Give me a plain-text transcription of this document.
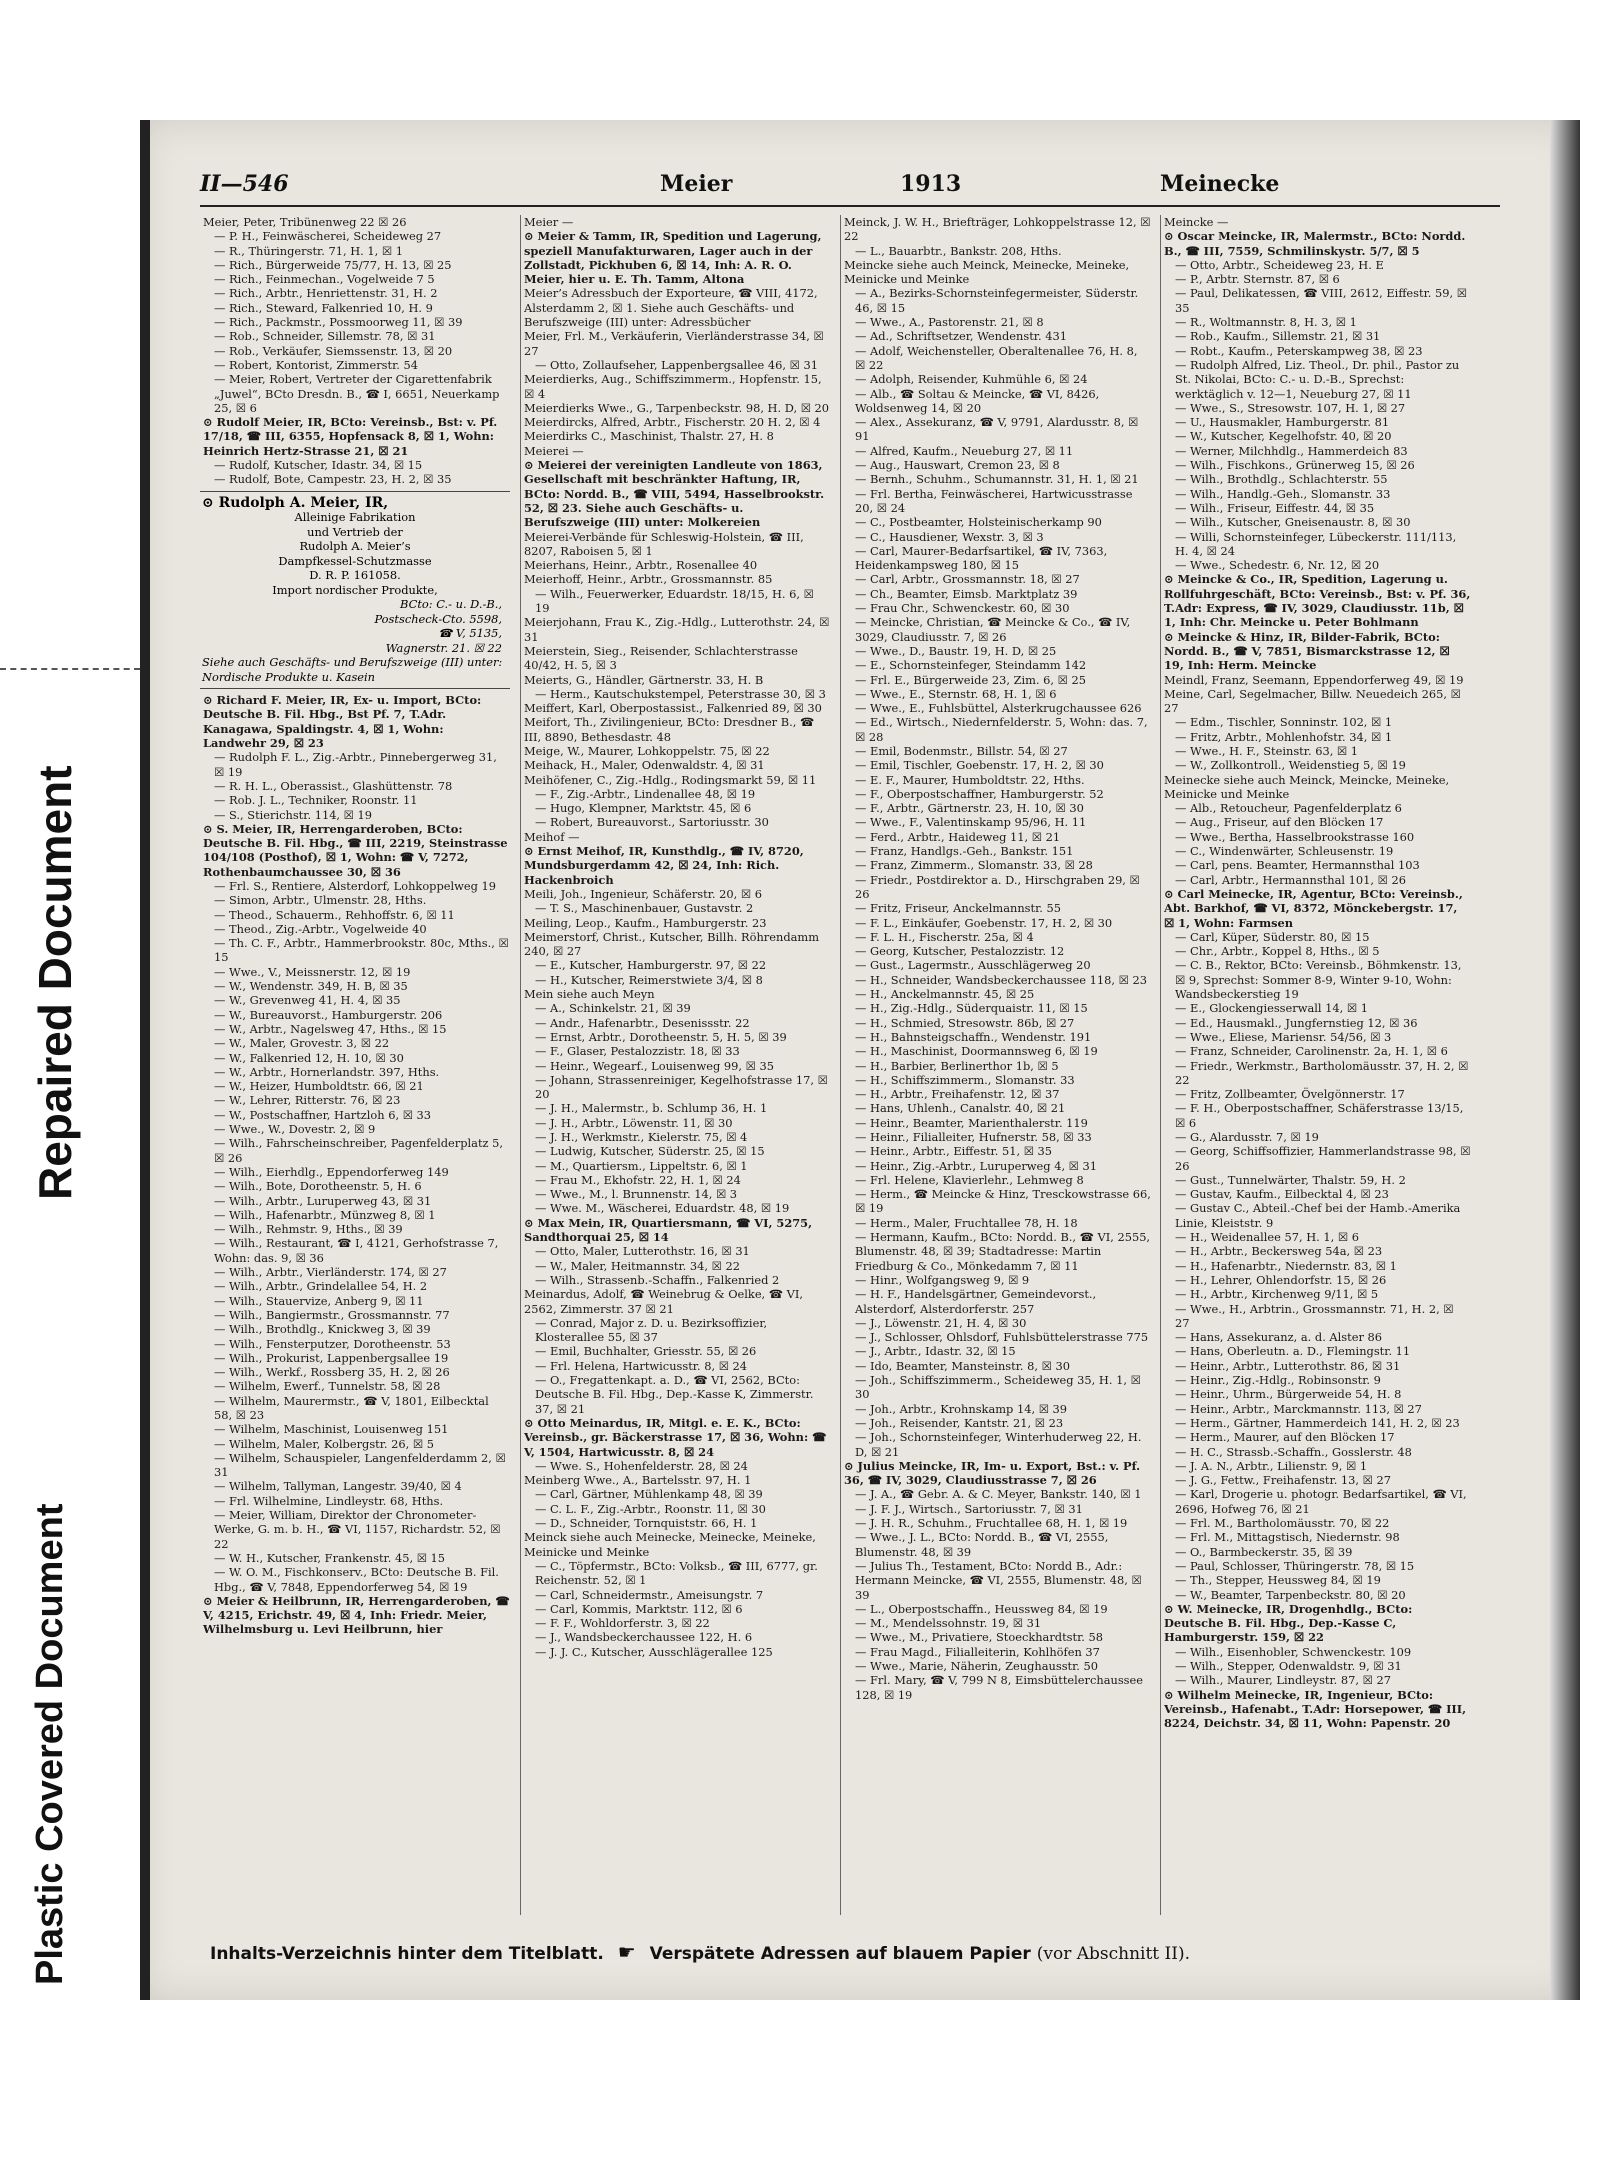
Repaired Document
Plastic Covered Document
II—546	Meier	1913	Meinecke
Meier, Peter, Tribünenweg 22 ☒ 26
— P. H., Feinwäscherei, Scheideweg 27
— R., Thüringerstr. 71, H. 1, ☒ 1
— Rich., Bürgerweide 75/77, H. 13, ☒ 25
— Rich., Feinmechan., Vogelweide 7 5
— Rich., Arbtr., Henriettenstr. 31, H. 2
— Rich., Steward, Falkenried 10, H. 9
— Rich., Packmstr., Possmoorweg 11, ☒ 39
— Rob., Schneider, Sillemstr. 78, ☒ 31
— Rob., Verkäufer, Siemssenstr. 13, ☒ 20
— Robert, Kontorist, Zimmerstr. 54
— Meier, Robert, Vertreter der Cigarettenfabrik „Juwel“, BCto Dresdn. B., ☎ I, 6651, Neuerkamp 25, ☒ 6
⊙ Rudolf Meier, IR, BCto: Vereinsb., Bst: v. Pf. 17/18, ☎ III, 6355, Hopfensack 8, ☒ 1, Wohn: Heinrich Hertz-Strasse 21, ☒ 21
— Rudolf, Kutscher, Idastr. 34, ☒ 15
— Rudolf, Bote, Campestr. 23, H. 2, ☒ 35
⊙ Rudolph A. Meier, IR,
Alleinige Fabrikation
und Vertrieb der
Rudolph A. Meier’s
Dampfkessel-Schutzmasse
D. R. P. 161058.
Import nordischer Produkte,
BCto: C.- u. D.-B.,
Postscheck-Cto. 5598,
☎ V, 5135,
Wagnerstr. 21. ☒ 22
Siehe auch Geschäfts- und Berufszweige (III) unter: Nordische Produkte u. Kasein
⊙ Richard F. Meier, IR, Ex- u. Import, BCto: Deutsche B. Fil. Hbg., Bst Pf. 7, T.Adr. Kanagawa, Spaldingstr. 4, ☒ 1, Wohn: Landwehr 29, ☒ 23
— Rudolph F. L., Zig.-Arbtr., Pinnebergerweg 31, ☒ 19
— R. H. L., Oberassist., Glashüttenstr. 78
— Rob. J. L., Techniker, Roonstr. 11
— S., Stierichstr. 114, ☒ 19
⊙ S. Meier, IR, Herrengarderoben, BCto: Deutsche B. Fil. Hbg., ☎ III, 2219, Steinstrasse 104/108 (Posthof), ☒ 1, Wohn: ☎ V, 7272, Rothenbaumchaussee 30, ☒ 36
— Frl. S., Rentiere, Alsterdorf, Lohkoppelweg 19
— Simon, Arbtr., Ulmenstr. 28, Hths.
— Theod., Schauerm., Rehhoffstr. 6, ☒ 11
— Theod., Zig.-Arbtr., Vogelweide 40
— Th. C. F., Arbtr., Hammerbrookstr. 80c, Mths., ☒ 15
— Wwe., V., Meissnerstr. 12, ☒ 19
— W., Wendenstr. 349, H. B, ☒ 35
— W., Grevenweg 41, H. 4, ☒ 35
— W., Bureauvorst., Hamburgerstr. 206
— W., Arbtr., Nagelsweg 47, Hths., ☒ 15
— W., Maler, Grovestr. 3, ☒ 22
— W., Falkenried 12, H. 10, ☒ 30
— W., Arbtr., Hornerlandstr. 397, Hths.
— W., Heizer, Humboldtstr. 66, ☒ 21
— W., Lehrer, Ritterstr. 76, ☒ 23
— W., Postschaffner, Hartzloh 6, ☒ 33
— Wwe., W., Dovestr. 2, ☒ 9
— Wilh., Fahrscheinschreiber, Pagenfelderplatz 5, ☒ 26
— Wilh., Eierhdlg., Eppendorferweg 149
— Wilh., Bote, Dorotheenstr. 5, H. 6
— Wilh., Arbtr., Luruperweg 43, ☒ 31
— Wilh., Hafenarbtr., Münzweg 8, ☒ 1
— Wilh., Rehmstr. 9, Hths., ☒ 39
— Wilh., Restaurant, ☎ I, 4121, Gerhofstrasse 7, Wohn: das. 9, ☒ 36
— Wilh., Arbtr., Vierländerstr. 174, ☒ 27
— Wilh., Arbtr., Grindelallee 54, H. 2
— Wilh., Stauervize, Anberg 9, ☒ 11
— Wilh., Bangiermstr., Grossmannstr. 77
— Wilh., Brothdlg., Knickweg 3, ☒ 39
— Wilh., Fensterputzer, Dorotheenstr. 53
— Wilh., Prokurist, Lappenbergsallee 19
— Wilh., Werkf., Rossberg 35, H. 2, ☒ 26
— Wilhelm, Ewerf., Tunnelstr. 58, ☒ 28
— Wilhelm, Maurermstr., ☎ V, 1801, Eilbecktal 58, ☒ 23
— Wilhelm, Maschinist, Louisenweg 151
— Wilhelm, Maler, Kolbergstr. 26, ☒ 5
— Wilhelm, Schauspieler, Langenfelderdamm 2, ☒ 31
— Wilhelm, Tallyman, Langestr. 39/40, ☒ 4
— Frl. Wilhelmine, Lindleystr. 68, Hths.
— Meier, William, Direktor der Chronometer-Werke, G. m. b. H., ☎ VI, 1157, Richardstr. 52, ☒ 22
— W. H., Kutscher, Frankenstr. 45, ☒ 15
— W. O. M., Fischkonserv., BCto: Deutsche B. Fil. Hbg., ☎ V, 7848, Eppendorferweg 54, ☒ 19
⊙ Meier & Heilbrunn, IR, Herrengarderoben, ☎ V, 4215, Erichstr. 49, ☒ 4, Inh: Friedr. Meier, Wilhelmsburg u. Levi Heilbrunn, hier
Meier —
⊙ Meier & Tamm, IR, Spedition und Lagerung, speziell Manufakturwaren, Lager auch in der Zollstadt, Pickhuben 6, ☒ 14, Inh: A. R. O. Meier, hier u. E. Th. Tamm, Altona
Meier’s Adressbuch der Exporteure, ☎ VIII, 4172, Alsterdamm 2, ☒ 1. Siehe auch Geschäfts- und Berufszweige (III) unter: Adressbücher
Meier, Frl. M., Verkäuferin, Vierländerstrasse 34, ☒ 27
— Otto, Zollaufseher, Lappenbergsallee 46, ☒ 31
Meierdierks, Aug., Schiffszimmerm., Hopfenstr. 15, ☒ 4
Meierdierks Wwe., G., Tarpenbeckstr. 98, H. D, ☒ 20
Meierdircks, Alfred, Arbtr., Fischerstr. 20 H. 2, ☒ 4
Meierdirks C., Maschinist, Thalstr. 27, H. 8
Meierei —
⊙ Meierei der vereinigten Landleute von 1863, Gesellschaft mit beschränkter Haftung, IR, BCto: Nordd. B., ☎ VIII, 5494, Hasselbrookstr. 52, ☒ 23. Siehe auch Geschäfts- u. Berufszweige (III) unter: Molkereien
Meierei-Verbände für Schleswig-Holstein, ☎ III, 8207, Raboisen 5, ☒ 1
Meierhans, Heinr., Arbtr., Rosenallee 40
Meierhoff, Heinr., Arbtr., Grossmannstr. 85
— Wilh., Feuerwerker, Eduardstr. 18/15, H. 6, ☒ 19
Meierjohann, Frau K., Zig.-Hdlg., Lutterothstr. 24, ☒ 31
Meierstein, Sieg., Reisender, Schlachterstrasse 40/42, H. 5, ☒ 3
Meierts, G., Händler, Gärtnerstr. 33, H. B
— Herm., Kautschukstempel, Peterstrasse 30, ☒ 3
Meiffert, Karl, Oberpostassist., Falkenried 89, ☒ 30
Meifort, Th., Zivilingenieur, BCto: Dresdner B., ☎ III, 8890, Bethesdastr. 48
Meige, W., Maurer, Lohkoppelstr. 75, ☒ 22
Meihack, H., Maler, Odenwaldstr. 4, ☒ 31
Meihöfener, C., Zig.-Hdlg., Rodingsmarkt 59, ☒ 11
— F., Zig.-Arbtr., Lindenallee 48, ☒ 19
— Hugo, Klempner, Marktstr. 45, ☒ 6
— Robert, Bureauvorst., Sartoriusstr. 30
Meihof —
⊙ Ernst Meihof, IR, Kunsthdlg., ☎ IV, 8720, Mundsburgerdamm 42, ☒ 24, Inh: Rich. Hackenbroich
Meili, Joh., Ingenieur, Schäferstr. 20, ☒ 6
— T. S., Maschinenbauer, Gustavstr. 2
Meiling, Leop., Kaufm., Hamburgerstr. 23
Meimerstorf, Christ., Kutscher, Billh. Röhrendamm 240, ☒ 27
— E., Kutscher, Hamburgerstr. 97, ☒ 22
— H., Kutscher, Reimerstwiete 3/4, ☒ 8
Mein siehe auch Meyn
— A., Schinkelstr. 21, ☒ 39
— Andr., Hafenarbtr., Desenissstr. 22
— Ernst, Arbtr., Dorotheenstr. 5, H. 5, ☒ 39
— F., Glaser, Pestalozzistr. 18, ☒ 33
— Heinr., Wegearf., Louisenweg 99, ☒ 35
— Johann, Strassenreiniger, Kegelhofstrasse 17, ☒ 20
— J. H., Malermstr., b. Schlump 36, H. 1
— J. H., Arbtr., Löwenstr. 11, ☒ 30
— J. H., Werkmstr., Kielerstr. 75, ☒ 4
— Ludwig, Kutscher, Süderstr. 25, ☒ 15
— M., Quartiersm., Lippeltstr. 6, ☒ 1
— Frau M., Ekhofstr. 22, H. 1, ☒ 24
— Wwe., M., l. Brunnenstr. 14, ☒ 3
— Wwe. M., Wäscherei, Eduardstr. 48, ☒ 19
⊙ Max Mein, IR, Quartiersmann, ☎ VI, 5275, Sandthorquai 25, ☒ 14
— Otto, Maler, Lutterothstr. 16, ☒ 31
— W., Maler, Heitmannstr. 34, ☒ 22
— Wilh., Strassenb.-Schaffn., Falkenried 2
Meinardus, Adolf, ☎ Weinebrug & Oelke, ☎ VI, 2562, Zimmerstr. 37 ☒ 21
— Conrad, Major z. D. u. Bezirksoffizier, Klosterallee 55, ☒ 37
— Emil, Buchhalter, Griesstr. 55, ☒ 26
— Frl. Helena, Hartwicusstr. 8, ☒ 24
— O., Fregattenkapt. a. D., ☎ VI, 2562, BCto: Deutsche B. Fil. Hbg., Dep.-Kasse K, Zimmerstr. 37, ☒ 21
⊙ Otto Meinardus, IR, Mitgl. e. E. K., BCto: Vereinsb., gr. Bäckerstrasse 17, ☒ 36, Wohn: ☎ V, 1504, Hartwicusstr. 8, ☒ 24
— Wwe. S., Hohenfelderstr. 28, ☒ 24
Meinberg Wwe., A., Bartelsstr. 97, H. 1
— Carl, Gärtner, Mühlenkamp 48, ☒ 39
— C. L. F., Zig.-Arbtr., Roonstr. 11, ☒ 30
— D., Schneider, Tornquiststr. 66, H. 1
Meinck siehe auch Meinecke, Meinecke, Meineke, Meinicke und Meinke
— C., Töpfermstr., BCto: Volksb., ☎ III, 6777, gr. Reichenstr. 52, ☒ 1
— Carl, Schneidermstr., Ameisungstr. 7
— Carl, Kommis, Marktstr. 112, ☒ 6
— F. F., Wohldorferstr. 3, ☒ 22
— J., Wandsbeckerchaussee 122, H. 6
— J. J. C., Kutscher, Ausschlägerallee 125
Meinck, J. W. H., Briefträger, Lohkoppelstrasse 12, ☒ 22
— L., Bauarbtr., Bankstr. 208, Hths.
Meincke siehe auch Meinck, Meinecke, Meineke, Meinicke und Meinke
— A., Bezirks-Schornsteinfegermeister, Süderstr. 46, ☒ 15
— Wwe., A., Pastorenstr. 21, ☒ 8
— Ad., Schriftsetzer, Wendenstr. 431
— Adolf, Weichensteller, Oberaltenallee 76, H. 8, ☒ 22
— Adolph, Reisender, Kuhmühle 6, ☒ 24
— Alb., ☎ Soltau & Meincke, ☎ VI, 8426, Woldsenweg 14, ☒ 20
— Alex., Assekuranz, ☎ V, 9791, Alardusstr. 8, ☒ 91
— Alfred, Kaufm., Neueburg 27, ☒ 11
— Aug., Hauswart, Cremon 23, ☒ 8
— Bernh., Schuhm., Schumannstr. 31, H. 1, ☒ 21
— Frl. Bertha, Feinwäscherei, Hartwicusstrasse 20, ☒ 24
— C., Postbeamter, Holsteinischerkamp 90
— C., Hausdiener, Wexstr. 3, ☒ 3
— Carl, Maurer-Bedarfsartikel, ☎ IV, 7363, Heidenkampsweg 180, ☒ 15
— Carl, Arbtr., Grossmannstr. 18, ☒ 27
— Ch., Beamter, Eimsb. Marktplatz 39
— Frau Chr., Schwenckestr. 60, ☒ 30
— Meincke, Christian, ☎ Meincke & Co., ☎ IV, 3029, Claudiusstr. 7, ☒ 26
— Wwe., D., Baustr. 19, H. D, ☒ 25
— E., Schornsteinfeger, Steindamm 142
— Frl. E., Bürgerweide 23, Zim. 6, ☒ 25
— Wwe., E., Sternstr. 68, H. 1, ☒ 6
— Wwe., E., Fuhlsbüttel, Alsterkrugchaussee 626
— Ed., Wirtsch., Niedernfelderstr. 5, Wohn: das. 7, ☒ 28
— Emil, Bodenmstr., Billstr. 54, ☒ 27
— Emil, Tischler, Goebenstr. 17, H. 2, ☒ 30
— E. F., Maurer, Humboldtstr. 22, Hths.
— F., Oberpostschaffner, Hamburgerstr. 52
— F., Arbtr., Gärtnerstr. 23, H. 10, ☒ 30
— Wwe., F., Valentinskamp 95/96, H. 11
— Ferd., Arbtr., Haideweg 11, ☒ 21
— Franz, Handlgs.-Geh., Bankstr. 151
— Franz, Zimmerm., Slomanstr. 33, ☒ 28
— Friedr., Postdirektor a. D., Hirschgraben 29, ☒ 26
— Fritz, Friseur, Anckelmannstr. 55
— F. L., Einkäufer, Goebenstr. 17, H. 2, ☒ 30
— F. L. H., Fischerstr. 25a, ☒ 4
— Georg, Kutscher, Pestalozzistr. 12
— Gust., Lagermstr., Ausschlägerweg 20
— H., Schneider, Wandsbeckerchaussee 118, ☒ 23
— H., Anckelmannstr. 45, ☒ 25
— H., Zig.-Hdlg., Süderquaistr. 11, ☒ 15
— H., Schmied, Stresowstr. 86b, ☒ 27
— H., Bahnsteigschaffn., Wendenstr. 191
— H., Maschinist, Doormannsweg 6, ☒ 19
— H., Barbier, Berlinerthor 1b, ☒ 5
— H., Schiffszimmerm., Slomanstr. 33
— H., Arbtr., Freihafenstr. 12, ☒ 37
— Hans, Uhlenh., Canalstr. 40, ☒ 21
— Heinr., Beamter, Marienthalerstr. 119
— Heinr., Filialleiter, Hufnerstr. 58, ☒ 33
— Heinr., Arbtr., Eiffestr. 51, ☒ 35
— Heinr., Zig.-Arbtr., Luruperweg 4, ☒ 31
— Frl. Helene, Klavierlehr., Lehmweg 8
— Herm., ☎ Meincke & Hinz, Tresckowstrasse 66, ☒ 19
— Herm., Maler, Fruchtallee 78, H. 18
— Hermann, Kaufm., BCto: Nordd. B., ☎ VI, 2555, Blumenstr. 48, ☒ 39; Stadtadresse: Martin Friedburg & Co., Mönkedamm 7, ☒ 11
— Hinr., Wolfgangsweg 9, ☒ 9
— H. F., Handelsgärtner, Gemeindevorst., Alsterdorf, Alsterdorferstr. 257
— J., Löwenstr. 21, H. 4, ☒ 30
— J., Schlosser, Ohlsdorf, Fuhlsbüttelerstrasse 775
— J., Arbtr., Idastr. 32, ☒ 15
— Ido, Beamter, Mansteinstr. 8, ☒ 30
— Joh., Schiffszimmerm., Scheideweg 35, H. 1, ☒ 30
— Joh., Arbtr., Krohnskamp 14, ☒ 39
— Joh., Reisender, Kantstr. 21, ☒ 23
— Joh., Schornsteinfeger, Winterhuderweg 22, H. D, ☒ 21
⊙ Julius Meincke, IR, Im- u. Export, Bst.: v. Pf. 36, ☎ IV, 3029, Claudiusstrasse 7, ☒ 26
— J. A., ☎ Gebr. A. & C. Meyer, Bankstr. 140, ☒ 1
— J. F. J., Wirtsch., Sartoriusstr. 7, ☒ 31
— J. H. R., Schuhm., Fruchtallee 68, H. 1, ☒ 19
— Wwe., J. L., BCto: Nordd. B., ☎ VI, 2555, Blumenstr. 48, ☒ 39
— Julius Th., Testament, BCto: Nordd B., Adr.: Hermann Meincke, ☎ VI, 2555, Blumenstr. 48, ☒ 39
— L., Oberpostschaffn., Heussweg 84, ☒ 19
— M., Mendelssohnstr. 19, ☒ 31
— Wwe., M., Privatiere, Stoeckhardtstr. 58
— Frau Magd., Filialleiterin, Kohlhöfen 37
— Wwe., Marie, Näherin, Zeughausstr. 50
— Frl. Mary, ☎ V, 799 N 8, Eimsbüttelerchaussee 128, ☒ 19
Meincke —
⊙ Oscar Meincke, IR, Malermstr., BCto: Nordd. B., ☎ III, 7559, Schmilinskystr. 5/7, ☒ 5
— Otto, Arbtr., Scheideweg 23, H. E
— P., Arbtr. Sternstr. 87, ☒ 6
— Paul, Delikatessen, ☎ VIII, 2612, Eiffestr. 59, ☒ 35
— R., Woltmannstr. 8, H. 3, ☒ 1
— Rob., Kaufm., Sillemstr. 21, ☒ 31
— Robt., Kaufm., Peterskampweg 38, ☒ 23
— Rudolph Alfred, Liz. Theol., Dr. phil., Pastor zu St. Nikolai, BCto: C.- u. D.-B., Sprechst: werktäglich v. 12—1, Neueburg 27, ☒ 11
— Wwe., S., Stresowstr. 107, H. 1, ☒ 27
— U., Hausmakler, Hamburgerstr. 81
— W., Kutscher, Kegelhofstr. 40, ☒ 20
— Werner, Milchhdlg., Hammerdeich 83
— Wilh., Fischkons., Grünerweg 15, ☒ 26
— Wilh., Brothdlg., Schlachterstr. 55
— Wilh., Handlg.-Geh., Slomanstr. 33
— Wilh., Friseur, Eiffestr. 44, ☒ 35
— Wilh., Kutscher, Gneisenaustr. 8, ☒ 30
— Willi, Schornsteinfeger, Lübeckerstr. 111/113, H. 4, ☒ 24
— Wwe., Schedestr. 6, Nr. 12, ☒ 20
⊙ Meincke & Co., IR, Spedition, Lagerung u. Rollfuhrgeschäft, BCto: Vereinsb., Bst: v. Pf. 36, T.Adr: Express, ☎ IV, 3029, Claudiusstr. 11b, ☒ 1, Inh: Chr. Meincke u. Peter Bohlmann
⊙ Meincke & Hinz, IR, Bilder-Fabrik, BCto: Nordd. B., ☎ V, 7851, Bismarckstrasse 12, ☒ 19, Inh: Herm. Meincke
Meindl, Franz, Seemann, Eppendorferweg 49, ☒ 19
Meine, Carl, Segelmacher, Billw. Neuedeich 265, ☒ 27
— Edm., Tischler, Sonninstr. 102, ☒ 1
— Fritz, Arbtr., Mohlenhofstr. 34, ☒ 1
— Wwe., H. F., Steinstr. 63, ☒ 1
— W., Zollkontroll., Weidenstieg 5, ☒ 19
Meinecke siehe auch Meinck, Meincke, Meineke, Meinicke und Meinke
— Alb., Retoucheur, Pagenfelderplatz 6
— Aug., Friseur, auf den Blöcken 17
— Wwe., Bertha, Hasselbrookstrasse 160
— C., Windenwärter, Schleusenstr. 19
— Carl, pens. Beamter, Hermannsthal 103
— Carl, Arbtr., Hermannsthal 101, ☒ 26
⊙ Carl Meinecke, IR, Agentur, BCto: Vereinsb., Abt. Barkhof, ☎ VI, 8372, Mönckebergstr. 17, ☒ 1, Wohn: Farmsen
— Carl, Küper, Süderstr. 80, ☒ 15
— Chr., Arbtr., Koppel 8, Hths., ☒ 5
— C. B., Rektor, BCto: Vereinsb., Böhmkenstr. 13, ☒ 9, Sprechst: Sommer 8-9, Winter 9-10, Wohn: Wandsbeckerstieg 19
— E., Glockengiesserwall 14, ☒ 1
— Ed., Hausmakl., Jungfernstieg 12, ☒ 36
— Wwe., Eliese, Mariensr. 54/56, ☒ 3
— Franz, Schneider, Carolinenstr. 2a, H. 1, ☒ 6
— Friedr., Werkmstr., Bartholomäusstr. 37, H. 2, ☒ 22
— Fritz, Zollbeamter, Övelgönnerstr. 17
— F. H., Oberpostschaffner, Schäferstrasse 13/15, ☒ 6
— G., Alardusstr. 7, ☒ 19
— Georg, Schiffsoffizier, Hammerlandstrasse 98, ☒ 26
— Gust., Tunnelwärter, Thalstr. 59, H. 2
— Gustav, Kaufm., Eilbecktal 4, ☒ 23
— Gustav C., Abteil.-Chef bei der Hamb.-Amerika Linie, Kleiststr. 9
— H., Weidenallee 57, H. 1, ☒ 6
— H., Arbtr., Beckersweg 54a, ☒ 23
— H., Hafenarbtr., Niedernstr. 83, ☒ 1
— H., Lehrer, Ohlendorfstr. 15, ☒ 26
— H., Arbtr., Kirchenweg 9/11, ☒ 5
— Wwe., H., Arbtrin., Grossmannstr. 71, H. 2, ☒ 27
— Hans, Assekuranz, a. d. Alster 86
— Hans, Oberleutn. a. D., Flemingstr. 11
— Heinr., Arbtr., Lutterothstr. 86, ☒ 31
— Heinr., Zig.-Hdlg., Robinsonstr. 9
— Heinr., Uhrm., Bürgerweide 54, H. 8
— Heinr., Arbtr., Marckmannstr. 113, ☒ 27
— Herm., Gärtner, Hammerdeich 141, H. 2, ☒ 23
— Herm., Maurer, auf den Blöcken 17
— H. C., Strassb.-Schaffn., Gosslerstr. 48
— J. A. N., Arbtr., Lilienstr. 9, ☒ 1
— J. G., Fettw., Freihafenstr. 13, ☒ 27
— Karl, Drogerie u. photogr. Bedarfsartikel, ☎ VI, 2696, Hofweg 76, ☒ 21
— Frl. M., Bartholomäusstr. 70, ☒ 22
— Frl. M., Mittagstisch, Niedernstr. 98
— O., Barmbeckerstr. 35, ☒ 39
— Paul, Schlosser, Thüringerstr. 78, ☒ 15
— Th., Stepper, Heussweg 84, ☒ 19
— W., Beamter, Tarpenbeckstr. 80, ☒ 20
⊙ W. Meinecke, IR, Drogenhdlg., BCto: Deutsche B. Fil. Hbg., Dep.-Kasse C, Hamburgerstr. 159, ☒ 22
— Wilh., Eisenhobler, Schwenckestr. 109
— Wilh., Stepper, Odenwaldstr. 9, ☒ 31
— Wilh., Maurer, Lindleystr. 87, ☒ 27
⊙ Wilhelm Meinecke, IR, Ingenieur, BCto: Vereinsb., Hafenabt., T.Adr: Horsepower, ☎ III, 8224, Deichstr. 34, ☒ 11, Wohn: Papenstr. 20
Inhalts-Verzeichnis hinter dem Titelblatt. ☛ Verspätete Adressen auf blauem Papier (vor Abschnitt II).
